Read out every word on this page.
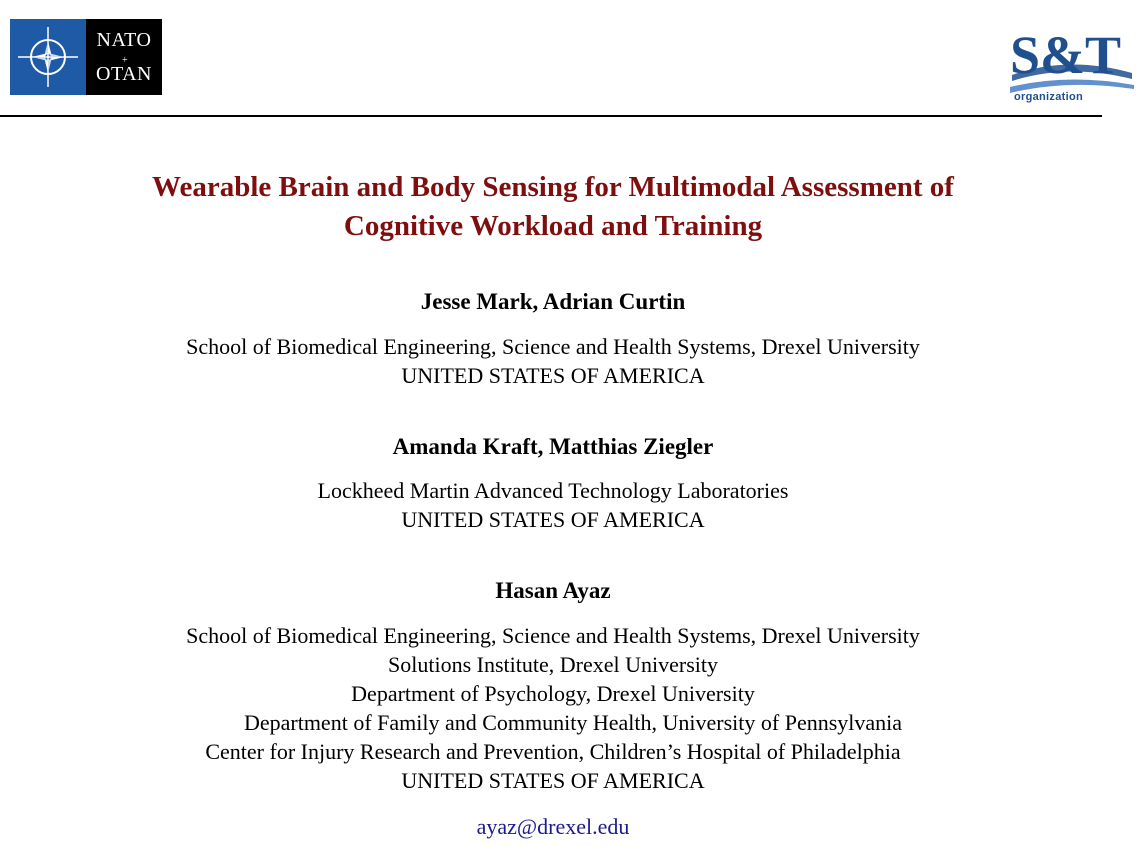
NATO
+
OTAN	S&T
organization
Wearable Brain and Body Sensing for Multimodal Assessment of
Cognitive Workload and Training
Jesse Mark, Adrian Curtin
School of Biomedical Engineering, Science and Health Systems, Drexel University
UNITED STATES OF AMERICA
Amanda Kraft, Matthias Ziegler
Lockheed Martin Advanced Technology Laboratories
UNITED STATES OF AMERICA
Hasan Ayaz
School of Biomedical Engineering, Science and Health Systems, Drexel University
Solutions Institute, Drexel University
Department of Psychology, Drexel University
Department of Family and Community Health, University of Pennsylvania
Center for Injury Research and Prevention, Children’s Hospital of Philadelphia
UNITED STATES OF AMERICA
ayaz@drexel.edu
